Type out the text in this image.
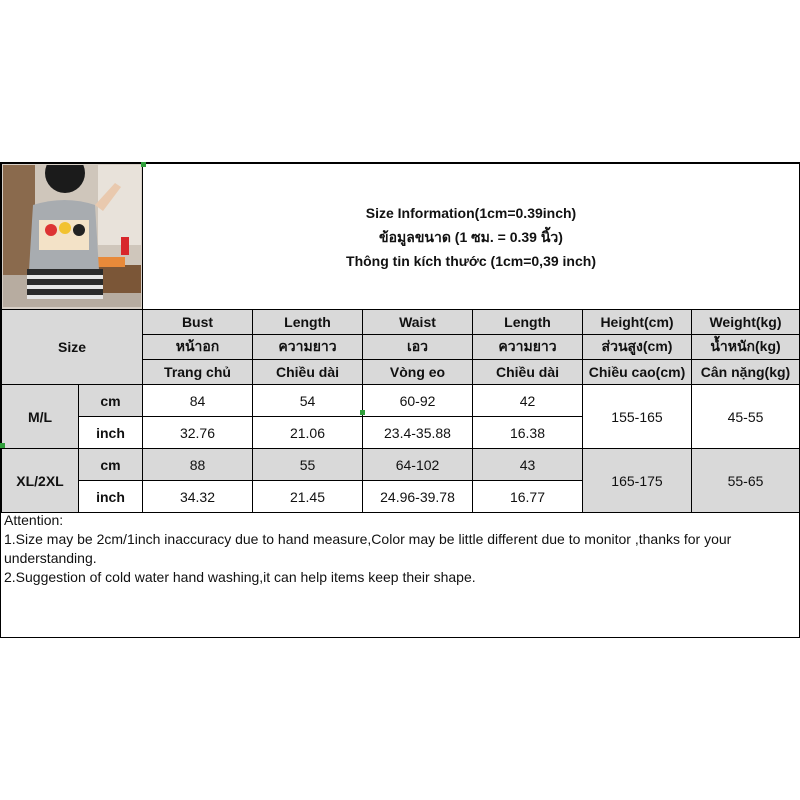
Size Information(1cm=0.39inch)
ข้อมูลขนาด (1 ซม. = 0.39 นิ้ว)
Thông tin kích thước (1cm=0,39 inch)					

Size		Bust	Length	Waist	Length	Height(cm)	Weight(kg)
		หน้าอก	ความยาว	เอว	ความยาว	ส่วนสูง(cm)	น้ำหนัก(kg)
		Trang chủ	Chiều dài	Vòng eo	Chiều dài	Chiều cao(cm)	Cân nặng(kg)
M/L	cm	84	54	60-92	42	155-165	45-55
	inch	32.76	21.06	23.4-35.88	16.38		
XL/2XL	cm	88	55	64-102	43	165-175	55-65
	inch	34.32	21.45	24.96-39.78	16.77		
Attention:
1.Size may be 2cm/1inch inaccuracy due to hand measure,Color may be little different due to monitor ,thanks for your
understanding.
2.Suggestion of cold water hand washing,it can help items keep their shape.
